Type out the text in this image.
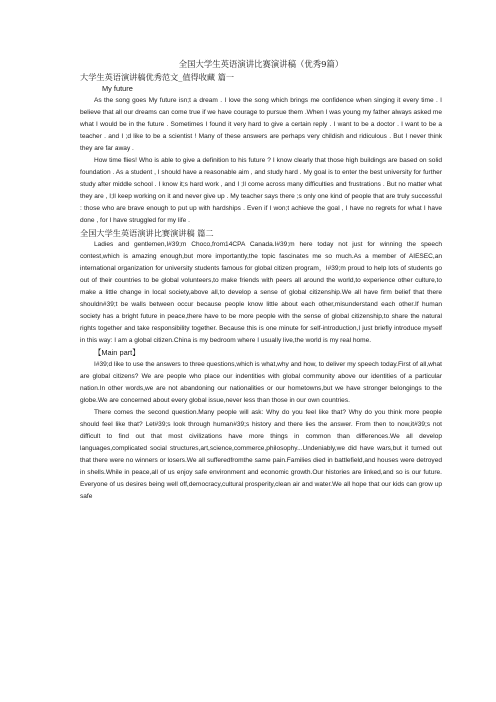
全国大学生英语演讲比赛演讲稿（优秀9篇）
大学生英语演讲稿优秀范文_值得收藏 篇一
My future

As the song goes My future isn;t a dream . I love the song which brings me confidence when singing it every time . I believe that all our dreams can come true if we have courage to pursue them .When I was young my father always asked me what I would be in the future . Sometimes I found it very hard to give a certain reply . I want to be a doctor . I want to be a teacher . and I ;d like to be a scientist ! Many of these answers are perhaps very childish and ridiculous . But I never think they are far away .

How time flies! Who is able to give a definition to his future ? I know clearly that those high buildings are based on solid foundation . As a student , I should have a reasonable aim , and study hard . My goal is to enter the best university for further study after middle school . I know it;s hard work , and I ;ll come across many difficulties and frustrations . But no matter what they are , I;ll keep working on it and never give up . My teacher says there ;s only one kind of people that are truly successful : those who are brave enough to put up with hardships . Even if I won;t achieve the goal , I have no regrets for what I have done , for I have struggled for my life .

全国大学生英语演讲比赛演讲稿 篇二

Ladies and gentlemen,I#39;m Choco,from14CPA Canada.I#39;m here today not just for winning the speech contest,which is amazing enough,but more importantly,the topic fascinates me so much.As a member of AIESEC,an international organization for university students famous for global citizen program，I#39;m proud to help lots of students go out of their countries to be global volunteers,to make friends with peers all around the world,to experience other culture,to make a little change in local society,above all,to develop a sense of global citizenship.We all have firm belief that there shouldn#39;t be walls between occur because people know little about each other,misunderstand each other.If human society has a bright future in peace,there have to be more people with the sense of global citizenship,to share the natural rights together and take responsibility together. Because this is one minute for self-introduction,I just briefly introduce myself in this way: I am a global citizen.China is my bedroom where I usually live,the world is my real home.

【Main part】

I#39;d like to use the answers to three questions,which is what,why and how, to deliver my speech today.First of all,what are global citizens? We are people who place our indentities with global community above our identities of a particular nation.In other words,we are not abandoning our nationalities or our hometowns,but we have stronger belongings to the globe.We are concerned about every global issue,never less than those in our own countries.

There comes the second question.Many people will ask: Why do you feel like that? Why do you think more people should feel like that? Let#39;s look through human#39;s history and there lies the answer. From then to now,it#39;s not difficult to find out that most civilizations have more things in common than differences.We all develop languages,complicated social structures,art,science,commerce,philosophy...Undeniably,we did have wars,but it turned out that there were no winners or losers.We all sufferedfromthe same pain.Families died in battlefield,and houses were detroyed in shells.While in peace,all of us enjoy safe environment and economic growth.Our histories are linked,and so is our future. Everyone of us desires being well off,democracy,cultural prosperity,clean air and water.We all hope that our kids can grow up safe
